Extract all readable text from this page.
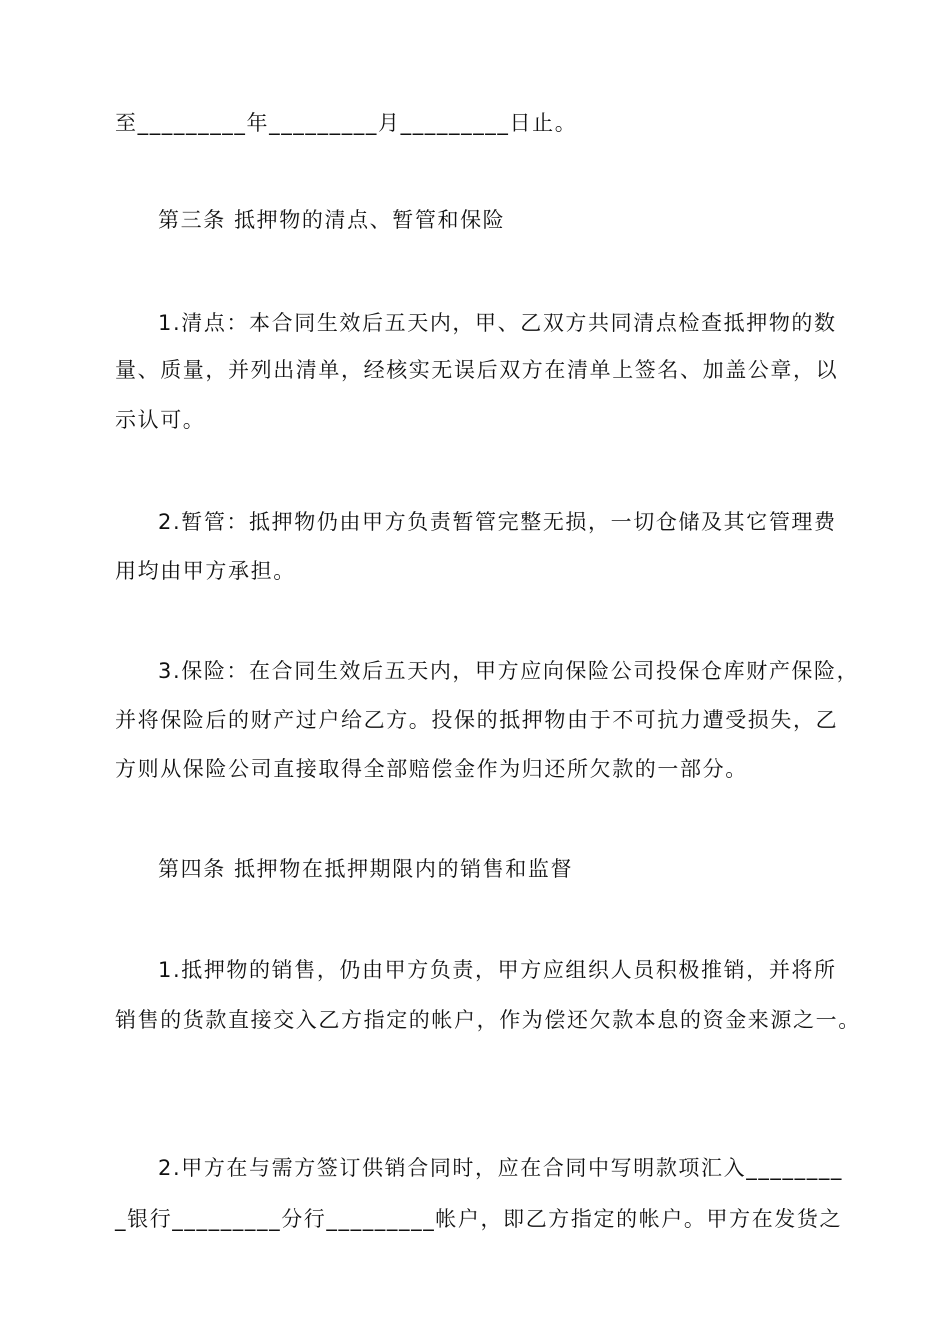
至_________年_________月_________日止。
第三条 抵押物的清点、暂管和保险
1.清点：本合同生效后五天内，甲、乙双方共同清点检查抵押物的数
量、质量，并列出清单，经核实无误后双方在清单上签名、加盖公章，以
示认可。
2.暂管：抵押物仍由甲方负责暂管完整无损，一切仓储及其它管理费
用均由甲方承担。
3.保险：在合同生效后五天内，甲方应向保险公司投保仓库财产保险，
并将保险后的财产过户给乙方。投保的抵押物由于不可抗力遭受损失，乙
方则从保险公司直接取得全部赔偿金作为归还所欠款的一部分。
第四条 抵押物在抵押期限内的销售和监督
1.抵押物的销售，仍由甲方负责，甲方应组织人员积极推销，并将所
销售的货款直接交入乙方指定的帐户，作为偿还欠款本息的资金来源之一。
2.甲方在与需方签订供销合同时，应在合同中写明款项汇入________
_银行_________分行_________帐户，即乙方指定的帐户。甲方在发货之
